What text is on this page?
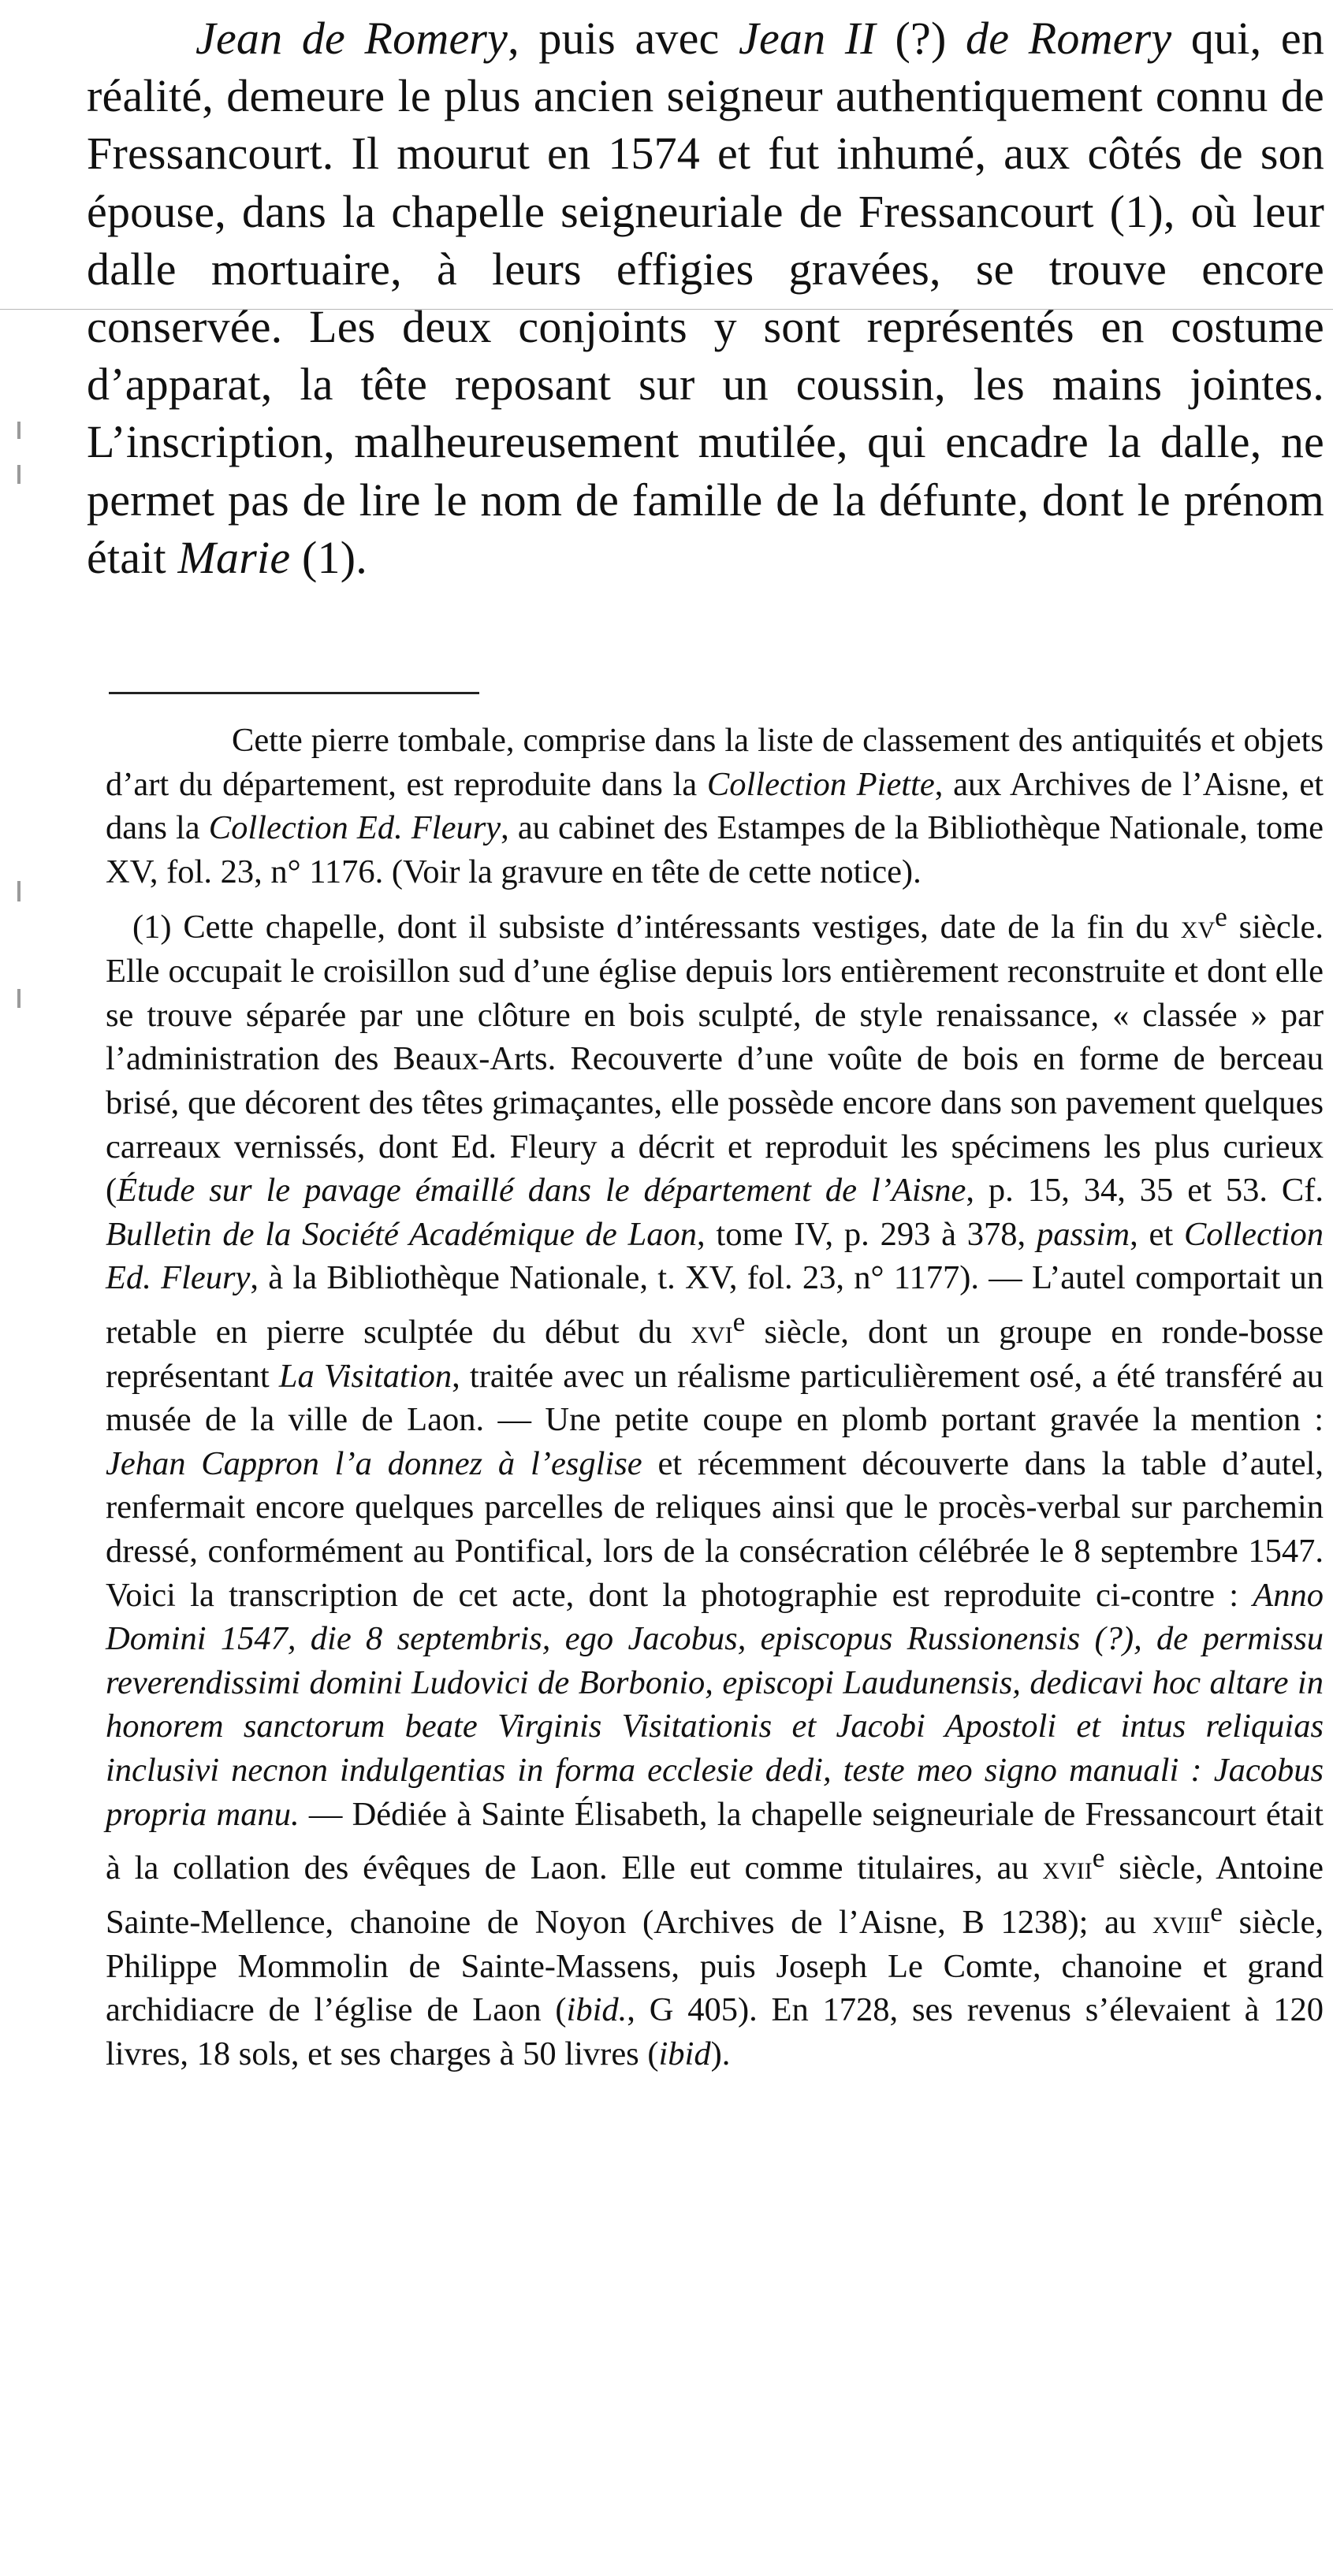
Jean de Romery, puis avec Jean II (?) de Romery qui, en réalité, demeure le plus ancien seigneur authentiquement connu de Fressancourt. Il mourut en 1574 et fut inhumé, aux côtés de son épouse, dans la chapelle seigneuriale de Fressancourt (1), où leur dalle mortuaire, à leurs effigies gravées, se trouve encore conservée. Les deux conjoints y sont représentés en costume d’apparat, la tête reposant sur un coussin, les mains jointes. L’inscription, malheureusement mutilée, qui encadre la dalle, ne permet pas de lire le nom de famille de la défunte, dont le prénom était Marie (1).

Cette pierre tombale, comprise dans la liste de classement des antiquités et objets d’art du département, est reproduite dans la Collection Piette, aux Archives de l’Aisne, et dans la Collection Ed. Fleury, au cabinet des Estampes de la Bibliothèque Nationale, tome XV, fol. 23, n° 1176. (Voir la gravure en tête de cette notice).

(1) Cette chapelle, dont il subsiste d’intéressants vestiges, date de la fin du $xv^e$ siècle. Elle occupait le croisillon sud d’une église depuis lors entièrement reconstruite et dont elle se trouve séparée par une clôture en bois sculpté, de style renaissance, « classée » par l’administration des Beaux-Arts. Recouverte d’une voûte de bois en forme de berceau brisé, que décorent des têtes grimaçantes, elle possède encore dans son pavement quelques carreaux vernissés, dont Ed. Fleury a décrit et reproduit les spécimens les plus curieux (Étude sur le pavage émaillé dans le département de l’Aisne, p. 15, 34, 35 et 53. Cf. Bulletin de la Société Académique de Laon, tome IV, p. 293 à 378, passim, et Collection Ed. Fleury, à la Bibliothèque Nationale, t. XV, fol. 23, n° 1177). — L’autel comportait un retable en pierre sculptée du début du xvi$^e$ siècle, dont un groupe en ronde-bosse représentant La Visitation, traitée avec un réalisme particulièrement osé, a été transféré au musée de la ville de Laon. — Une petite coupe en plomb portant gravée la mention : Jehan Cappron l’a donnez à l’esglise et récemment découverte dans la table d’autel, renfermait encore quelques parcelles de reliques ainsi que le procès-verbal sur parchemin dressé, conformément au Pontifical, lors de la consécration célébrée le 8 septembre 1547. Voici la transcription de cet acte, dont la photographie est reproduite ci-contre : Anno Domini 1547, die 8 septembris, ego Jacobus, episcopus Russionensis (?), de permissu reverendissimi domini Ludovici de Borbonio, episcopi Laudunensis, dedicavi hoc altare in honorem sanctorum beate Virginis Visitationis et Jacobi Apostoli et intus reliquias inclusivi necnon indulgentias in forma ecclesie dedi, teste meo signo manuali : Jacobus propria manu. — Dédiée à Sainte Élisabeth, la chapelle seigneuriale de Fressancourt était à la collation des évêques de Laon. Elle eut comme titulaires, au xvii$^e$ siècle, Antoine Sainte-Mellence, chanoine de Noyon (Archives de l’Aisne, B 1238); au xviii$^e$ siècle, Philippe Mommolin de Sainte-Massens, puis Joseph Le Comte, chanoine et grand archidiacre de l’église de Laon (ibid., G 405). En 1728, ses revenus s’élevaient à 120 livres, 18 sols, et ses charges à 50 livres (ibid).
